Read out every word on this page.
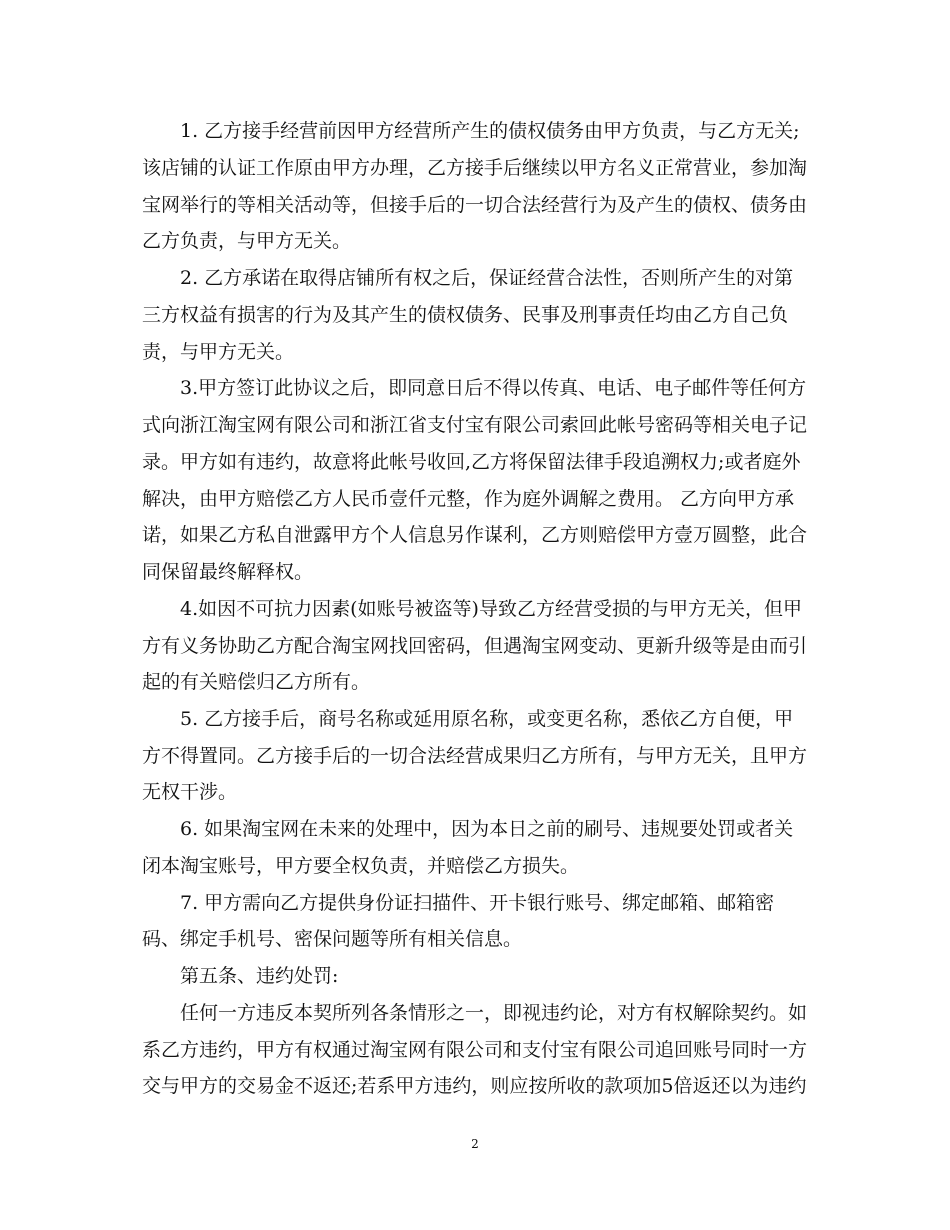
1. 乙方接手经营前因甲方经营所产生的债权债务由甲方负责，与乙方无关;
该店铺的认证工作原由甲方办理，乙方接手后继续以甲方名义正常营业，参加淘
宝网举行的等相关活动等，但接手后的一切合法经营行为及产生的债权、债务由
乙方负责，与甲方无关。
2. 乙方承诺在取得店铺所有权之后，保证经营合法性，否则所产生的对第
三方权益有损害的行为及其产生的债权债务、民事及刑事责任均由乙方自己负
责，与甲方无关。
3.甲方签订此协议之后，即同意日后不得以传真、电话、电子邮件等任何方
式向浙江淘宝网有限公司和浙江省支付宝有限公司索回此帐号密码等相关电子记
录。甲方如有违约，故意将此帐号收回,乙方将保留法律手段追溯权力;或者庭外
解决，由甲方赔偿乙方人民币壹仟元整，作为庭外调解之费用。 乙方向甲方承
诺，如果乙方私自泄露甲方个人信息另作谋利，乙方则赔偿甲方壹万圆整，此合
同保留最终解释权。
4.如因不可抗力因素(如账号被盗等)导致乙方经营受损的与甲方无关，但甲
方有义务协助乙方配合淘宝网找回密码，但遇淘宝网变动、更新升级等是由而引
起的有关赔偿归乙方所有。
5. 乙方接手后，商号名称或延用原名称，或变更名称，悉依乙方自便，甲
方不得置同。乙方接手后的一切合法经营成果归乙方所有，与甲方无关，且甲方
无权干涉。
6. 如果淘宝网在未来的处理中，因为本日之前的刷号、违规要处罚或者关
闭本淘宝账号，甲方要全权负责，并赔偿乙方损失。
7. 甲方需向乙方提供身份证扫描件、开卡银行账号、绑定邮箱、邮箱密
码、绑定手机号、密保问题等所有相关信息。
第五条、违约处罚:
任何一方违反本契所列各条情形之一，即视违约论，对方有权解除契约。如
系乙方违约，甲方有权通过淘宝网有限公司和支付宝有限公司追回账号同时一方
交与甲方的交易金不返还;若系甲方违约，则应按所收的款项加5倍返还以为违约
2
